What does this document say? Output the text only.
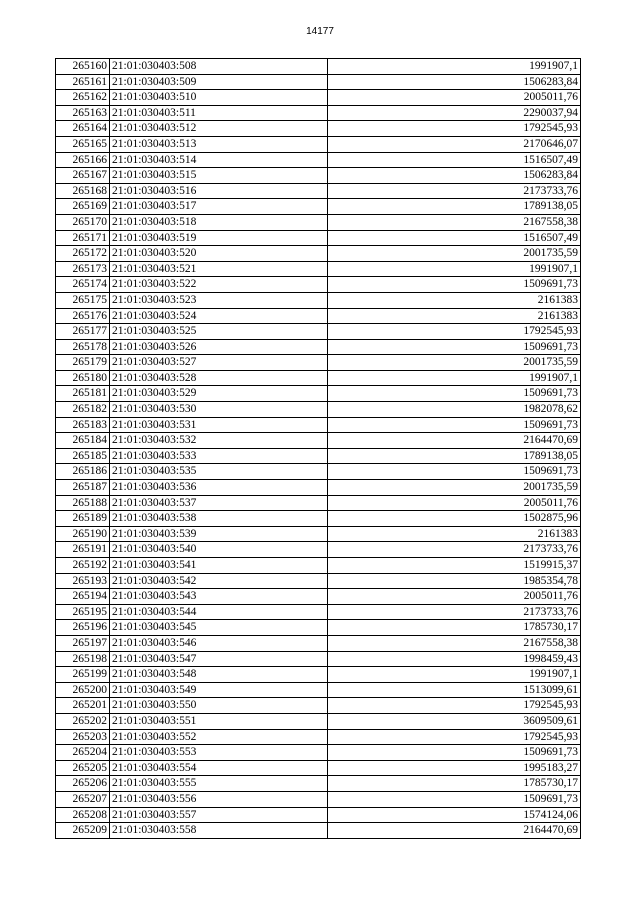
14177
265160	21:01:030403:508	1991907,1
265161	21:01:030403:509	1506283,84
265162	21:01:030403:510	2005011,76
265163	21:01:030403:511	2290037,94
265164	21:01:030403:512	1792545,93
265165	21:01:030403:513	2170646,07
265166	21:01:030403:514	1516507,49
265167	21:01:030403:515	1506283,84
265168	21:01:030403:516	2173733,76
265169	21:01:030403:517	1789138,05
265170	21:01:030403:518	2167558,38
265171	21:01:030403:519	1516507,49
265172	21:01:030403:520	2001735,59
265173	21:01:030403:521	1991907,1
265174	21:01:030403:522	1509691,73
265175	21:01:030403:523	2161383
265176	21:01:030403:524	2161383
265177	21:01:030403:525	1792545,93
265178	21:01:030403:526	1509691,73
265179	21:01:030403:527	2001735,59
265180	21:01:030403:528	1991907,1
265181	21:01:030403:529	1509691,73
265182	21:01:030403:530	1982078,62
265183	21:01:030403:531	1509691,73
265184	21:01:030403:532	2164470,69
265185	21:01:030403:533	1789138,05
265186	21:01:030403:535	1509691,73
265187	21:01:030403:536	2001735,59
265188	21:01:030403:537	2005011,76
265189	21:01:030403:538	1502875,96
265190	21:01:030403:539	2161383
265191	21:01:030403:540	2173733,76
265192	21:01:030403:541	1519915,37
265193	21:01:030403:542	1985354,78
265194	21:01:030403:543	2005011,76
265195	21:01:030403:544	2173733,76
265196	21:01:030403:545	1785730,17
265197	21:01:030403:546	2167558,38
265198	21:01:030403:547	1998459,43
265199	21:01:030403:548	1991907,1
265200	21:01:030403:549	1513099,61
265201	21:01:030403:550	1792545,93
265202	21:01:030403:551	3609509,61
265203	21:01:030403:552	1792545,93
265204	21:01:030403:553	1509691,73
265205	21:01:030403:554	1995183,27
265206	21:01:030403:555	1785730,17
265207	21:01:030403:556	1509691,73
265208	21:01:030403:557	1574124,06
265209	21:01:030403:558	2164470,69
